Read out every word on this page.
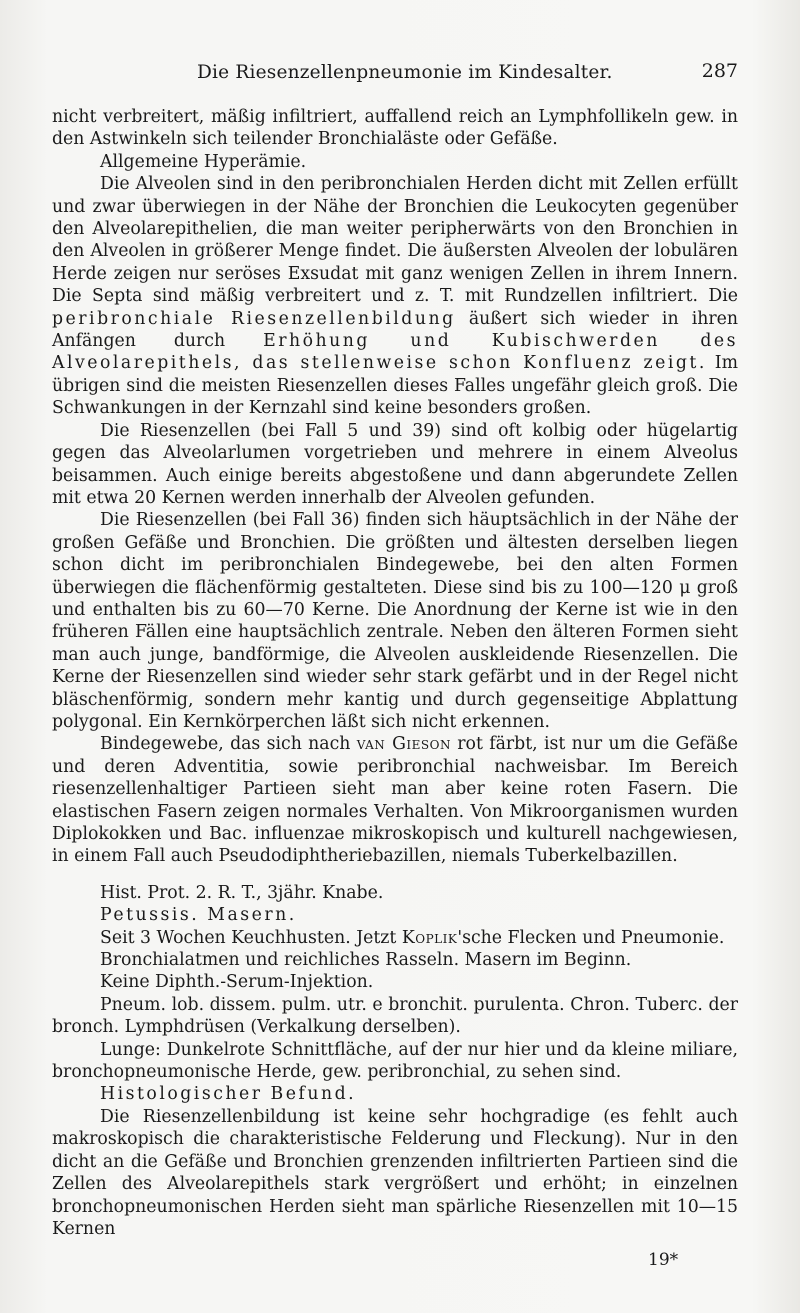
Die Riesenzellenpneumonie im Kindesalter.	287

nicht verbreitert, mäßig infiltriert, auffallend reich an Lymphfollikeln gew. in den Astwinkeln sich teilender Bronchialäste oder Gefäße.

Allgemeine Hyperämie.

Die Alveolen sind in den peribronchialen Herden dicht mit Zellen erfüllt und zwar überwiegen in der Nähe der Bronchien die Leukocyten gegenüber den Alveolarepithelien, die man weiter peripherwärts von den Bronchien in den Alveolen in größerer Menge findet. Die äußersten Alveolen der lobulären Herde zeigen nur seröses Exsudat mit ganz wenigen Zellen in ihrem Innern. Die Septa sind mäßig verbreitert und z. T. mit Rundzellen infiltriert. Die peribronchiale Riesenzellenbildung äußert sich wieder in ihren Anfängen durch Erhöhung und Kubischwerden des Alveolarepithels, das stellenweise schon Konfluenz zeigt. Im übrigen sind die meisten Riesenzellen dieses Falles ungefähr gleich groß. Die Schwankungen in der Kernzahl sind keine besonders großen.

Die Riesenzellen (bei Fall 5 und 39) sind oft kolbig oder hügelartig gegen das Alveolarlumen vorgetrieben und mehrere in einem Alveolus beisammen. Auch einige bereits abgestoßene und dann abgerundete Zellen mit etwa 20 Kernen werden innerhalb der Alveolen gefunden.

Die Riesenzellen (bei Fall 36) finden sich häuptsächlich in der Nähe der großen Gefäße und Bronchien. Die größten und ältesten derselben liegen schon dicht im peribronchialen Bindegewebe, bei den alten Formen überwiegen die flächenförmig gestalteten. Diese sind bis zu 100—120 μ groß und enthalten bis zu 60—70 Kerne. Die Anordnung der Kerne ist wie in den früheren Fällen eine hauptsächlich zentrale. Neben den älteren Formen sieht man auch junge, bandförmige, die Alveolen auskleidende Riesenzellen. Die Kerne der Riesenzellen sind wieder sehr stark gefärbt und in der Regel nicht bläschenförmig, sondern mehr kantig und durch gegenseitige Abplattung polygonal. Ein Kernkörperchen läßt sich nicht erkennen.

Bindegewebe, das sich nach van Gieson rot färbt, ist nur um die Gefäße und deren Adventitia, sowie peribronchial nachweisbar. Im Bereich riesenzellenhaltiger Partieen sieht man aber keine roten Fasern. Die elastischen Fasern zeigen normales Verhalten. Von Mikroorganismen wurden Diplokokken und Bac. influenzae mikroskopisch und kulturell nachgewiesen, in einem Fall auch Pseudodiphtheriebazillen, niemals Tuberkelbazillen.

Hist. Prot. 2. R. T., 3jähr. Knabe.

Petussis. Masern.

Seit 3 Wochen Keuchhusten. Jetzt Koplik'sche Flecken und Pneumonie.

Bronchialatmen und reichliches Rasseln. Masern im Beginn.

Keine Diphth.-Serum-Injektion.

Pneum. lob. dissem. pulm. utr. e bronchit. purulenta. Chron. Tuberc. der bronch. Lymphdrüsen (Verkalkung derselben).

Lunge: Dunkelrote Schnittfläche, auf der nur hier und da kleine miliare, bronchopneumonische Herde, gew. peribronchial, zu sehen sind.

Histologischer Befund.

Die Riesenzellenbildung ist keine sehr hochgradige (es fehlt auch makroskopisch die charakteristische Felderung und Fleckung). Nur in den dicht an die Gefäße und Bronchien grenzenden infiltrierten Partieen sind die Zellen des Alveolarepithels stark vergrößert und erhöht; in einzelnen bronchopneumonischen Herden sieht man spärliche Riesenzellen mit 10—15 Kernen

19*
